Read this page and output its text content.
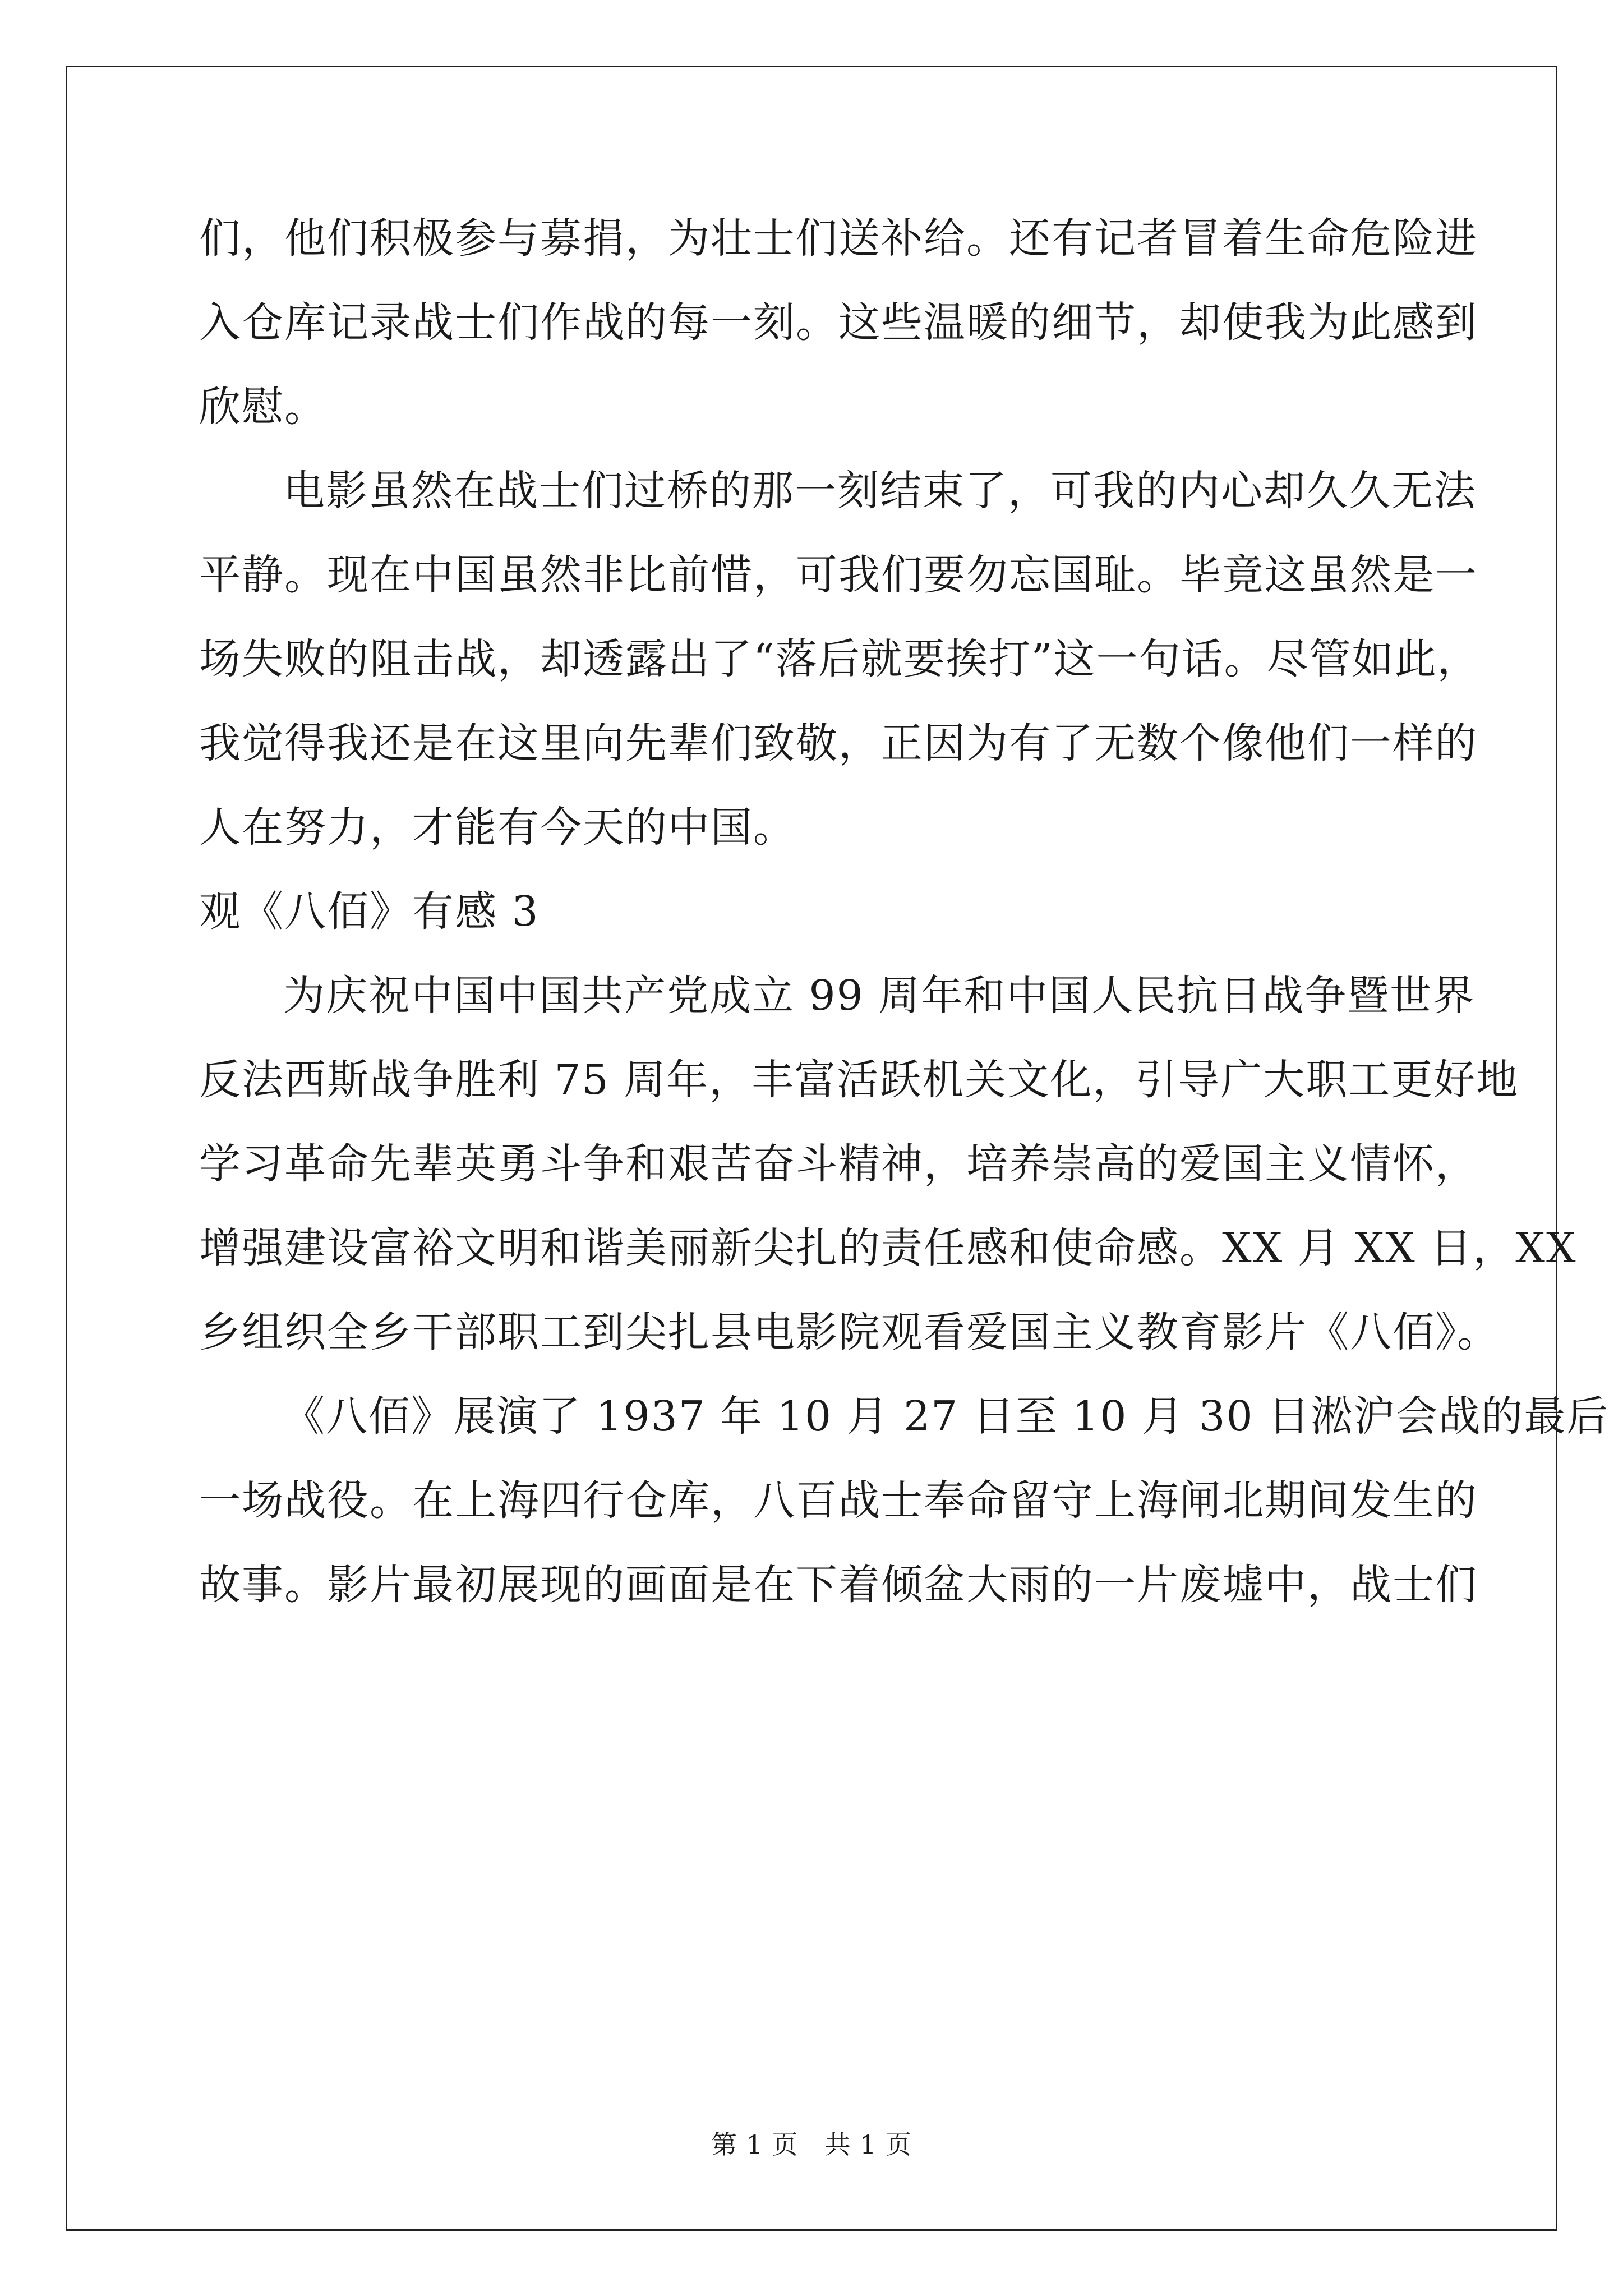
们，他们积极参与募捐，为壮士们送补给。还有记者冒着生命危险进
入仓库记录战士们作战的每一刻。这些温暖的细节，却使我为此感到
欣慰。
电影虽然在战士们过桥的那一刻结束了，可我的内心却久久无法
平静。现在中国虽然非比前惜，可我们要勿忘国耻。毕竟这虽然是一
场失败的阻击战，却透露出了“落后就要挨打”这一句话。尽管如此，
我觉得我还是在这里向先辈们致敬，正因为有了无数个像他们一样的
人在努力，才能有今天的中国。
观《八佰》有感 3
为庆祝中国中国共产党成立 99 周年和中国人民抗日战争暨世界
反法西斯战争胜利 75 周年，丰富活跃机关文化，引导广大职工更好地
学习革命先辈英勇斗争和艰苦奋斗精神，培养崇高的爱国主义情怀，
增强建设富裕文明和谐美丽新尖扎的责任感和使命感。XX 月 XX 日，XX
乡组织全乡干部职工到尖扎县电影院观看爱国主义教育影片《八佰》。
《八佰》展演了 1937 年 10 月 27 日至 10 月 30 日淞沪会战的最后
一场战役。在上海四行仓库，八百战士奉命留守上海闸北期间发生的
故事。影片最初展现的画面是在下着倾盆大雨的一片废墟中，战士们
第 1 页　共 1 页
